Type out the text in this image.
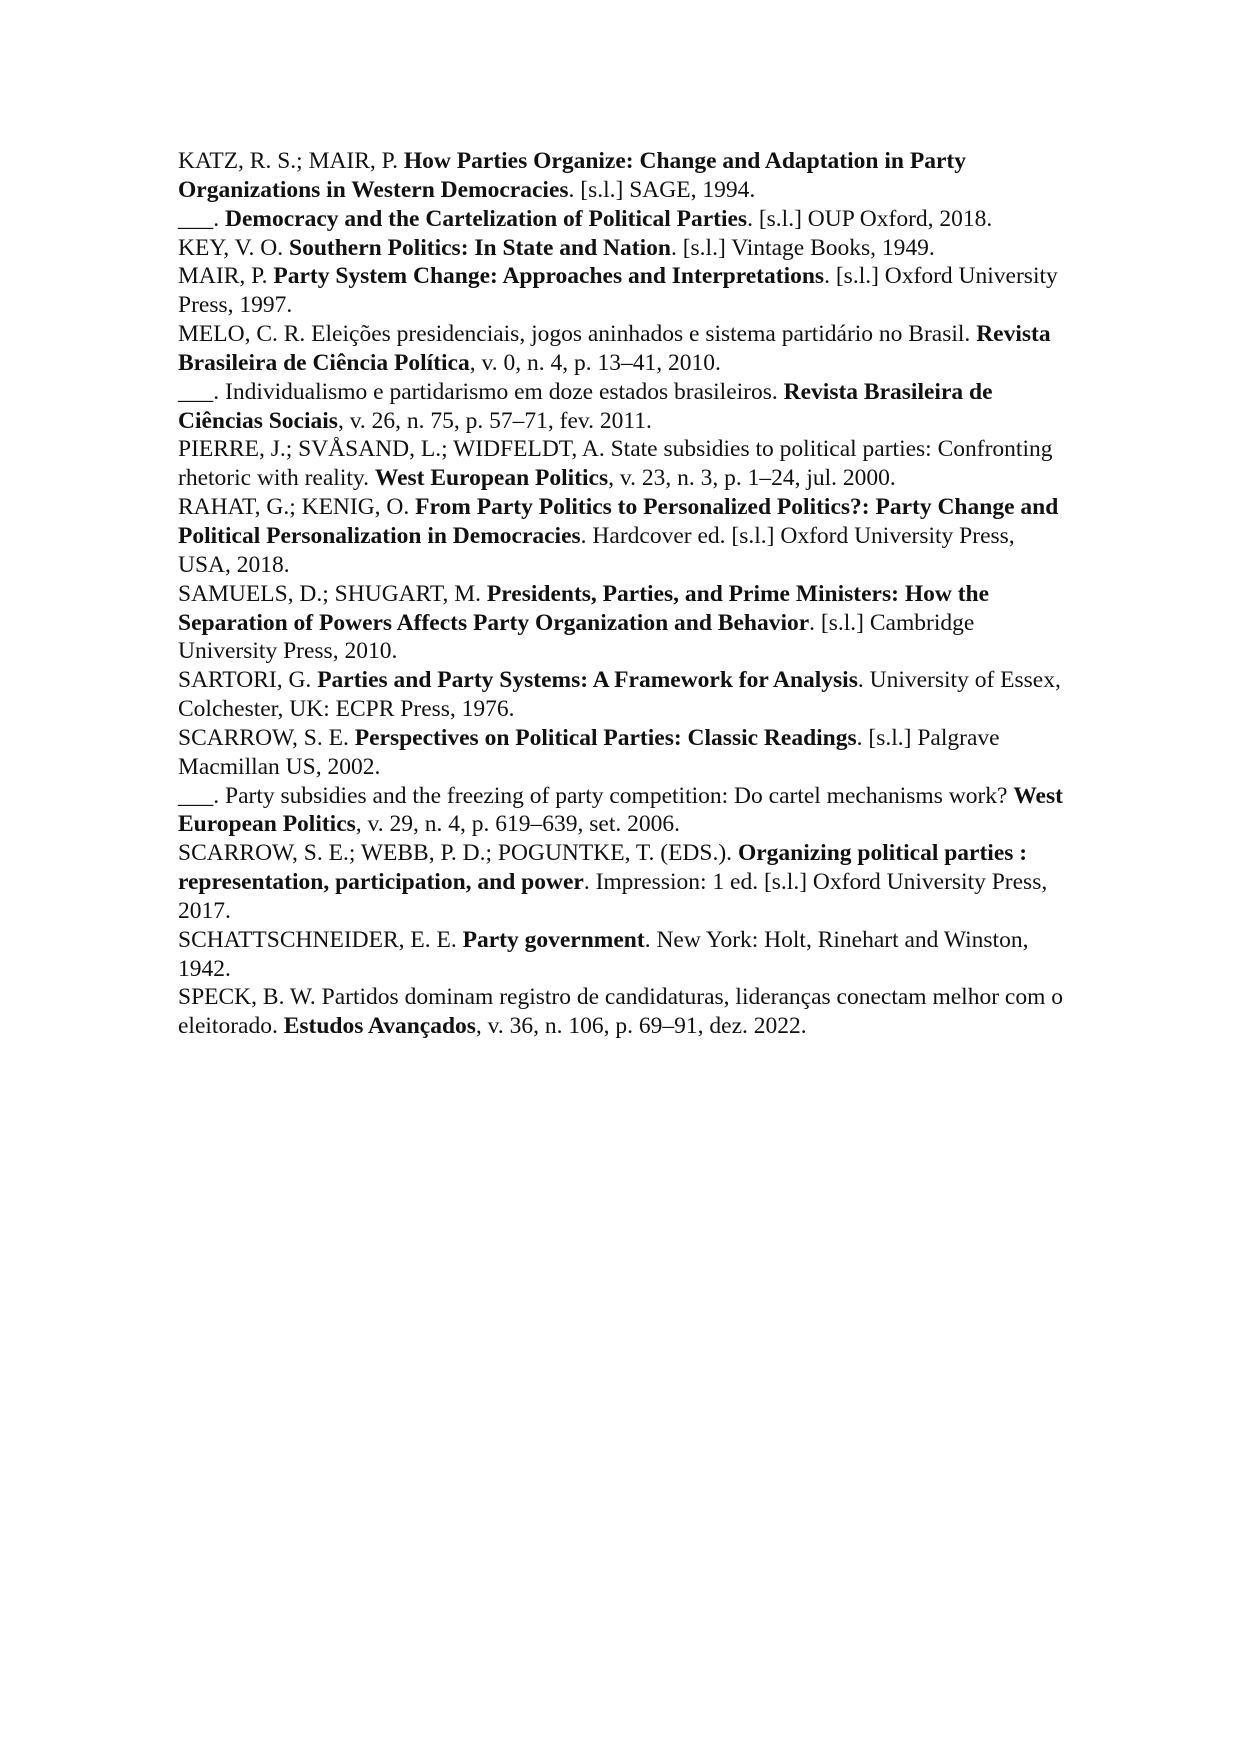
KATZ, R. S.; MAIR, P. How Parties Organize: Change and Adaptation in Party Organizations in Western Democracies. [s.l.] SAGE, 1994.

___. Democracy and the Cartelization of Political Parties. [s.l.] OUP Oxford, 2018.

KEY, V. O. Southern Politics: In State and Nation. [s.l.] Vintage Books, 1949.

MAIR, P. Party System Change: Approaches and Interpretations. [s.l.] Oxford University Press, 1997.

MELO, C. R. Eleições presidenciais, jogos aninhados e sistema partidário no Brasil. Revista Brasileira de Ciência Política, v. 0, n. 4, p. 13–41, 2010.

___. Individualismo e partidarismo em doze estados brasileiros. Revista Brasileira de Ciências Sociais, v. 26, n. 75, p. 57–71, fev. 2011.

PIERRE, J.; SVÅSAND, L.; WIDFELDT, A. State subsidies to political parties: Confronting rhetoric with reality. West European Politics, v. 23, n. 3, p. 1–24, jul. 2000.

RAHAT, G.; KENIG, O. From Party Politics to Personalized Politics?: Party Change and Political Personalization in Democracies. Hardcover ed. [s.l.] Oxford University Press, USA, 2018.

SAMUELS, D.; SHUGART, M. Presidents, Parties, and Prime Ministers: How the Separation of Powers Affects Party Organization and Behavior. [s.l.] Cambridge University Press, 2010.

SARTORI, G. Parties and Party Systems: A Framework for Analysis. University of Essex, Colchester, UK: ECPR Press, 1976.

SCARROW, S. E. Perspectives on Political Parties: Classic Readings. [s.l.] Palgrave Macmillan US, 2002.

___. Party subsidies and the freezing of party competition: Do cartel mechanisms work? West European Politics, v. 29, n. 4, p. 619–639, set. 2006.

SCARROW, S. E.; WEBB, P. D.; POGUNTKE, T. (EDS.). Organizing political parties : representation, participation, and power. Impression: 1 ed. [s.l.] Oxford University Press, 2017.

SCHATTSCHNEIDER, E. E. Party government. New York: Holt, Rinehart and Winston, 1942.

SPECK, B. W. Partidos dominam registro de candidaturas, lideranças conectam melhor com o eleitorado. Estudos Avançados, v. 36, n. 106, p. 69–91, dez. 2022.
